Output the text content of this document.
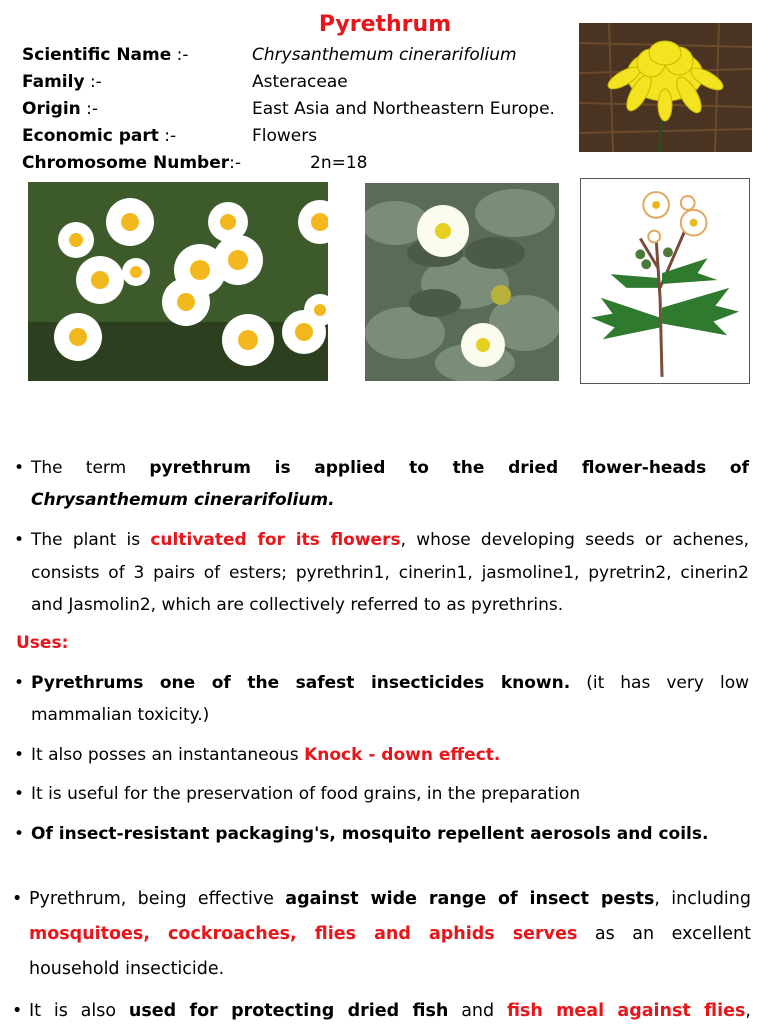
Pyrethrum
Scientific Name :-	Chrysanthemum cinerarifolium
Family :-	Asteraceae
Origin :-	East Asia and Northeastern Europe.
Economic part :-	Flowers
Chromosome Number:-	2n=18
• The term pyrethrum is applied to the dried flower-heads of
Chrysanthemum cinerarifolium.
• The plant is cultivated for its flowers, whose developing seeds or achenes, consists of 3 pairs of esters; pyrethrin1, cinerin1, jasmoline1, pyretrin2, cinerin2 and Jasmolin2, which are collectively referred to as pyrethrins.
Uses:
• Pyrethrums one of the safest insecticides known. (it has very low mammalian toxicity.)
• It also posses an instantaneous Knock - down effect.
• It is useful for the preservation of food grains, in the preparation
• Of insect-resistant packaging's, mosquito repellent aerosols and coils.
• Pyrethrum, being effective against wide range of insect pests, including mosquitoes, cockroaches, flies and aphids serves as an excellent household insecticide.
• It is also used for protecting dried fish and fish meal against flies,
